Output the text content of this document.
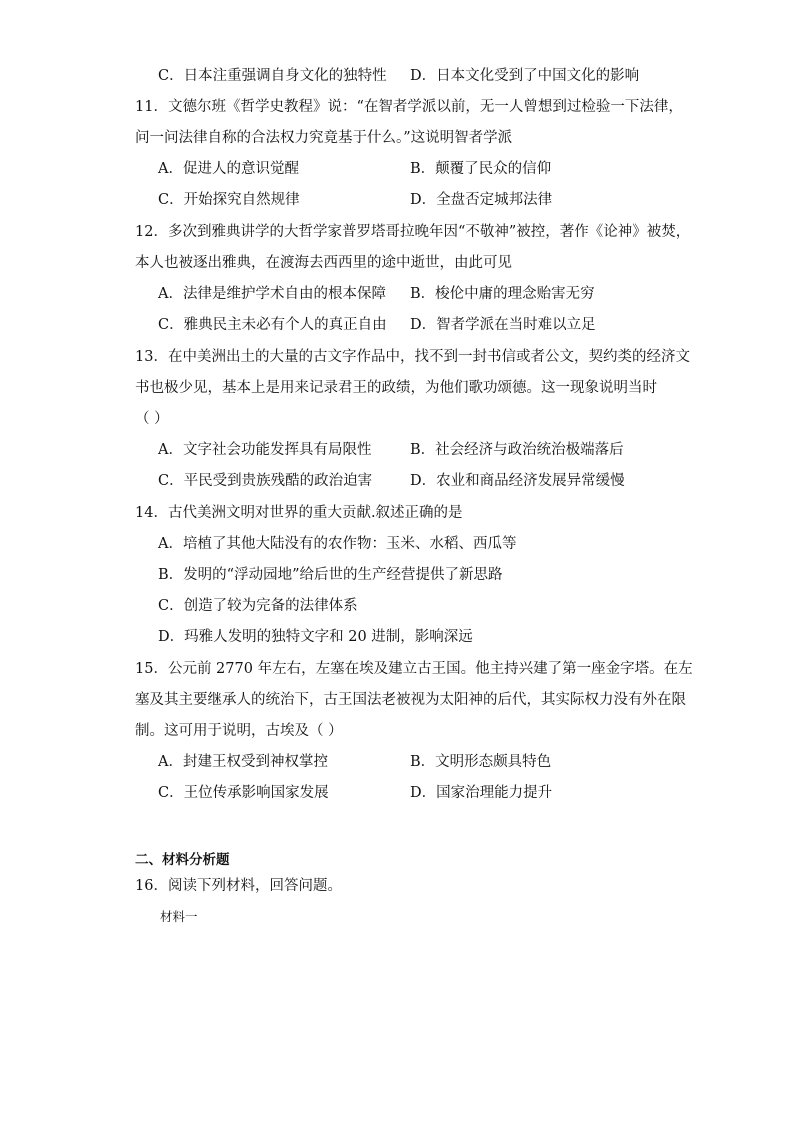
C．日本注重强调自身文化的独特性 D．日本文化受到了中国文化的影响
11．文德尔班《哲学史教程》说：“在智者学派以前，无一人曾想到过检验一下法律，
问一问法律自称的合法权力究竟基于什么。”这说明智者学派
A．促进人的意识觉醒	B．颠覆了民众的信仰
C．开始探究自然规律	D．全盘否定城邦法律
12．多次到雅典讲学的大哲学家普罗塔哥拉晚年因“不敬神”被控，著作《论神》被焚，
本人也被逐出雅典，在渡海去西西里的途中逝世，由此可见
A．法律是维护学术自由的根本保障 B．梭伦中庸的理念贻害无穷
C．雅典民主未必有个人的真正自由 D．智者学派在当时难以立足
13．在中美洲出土的大量的古文字作品中，找不到一封书信或者公文，契约类的经济文
书也极少见，基本上是用来记录君王的政绩，为他们歌功颂德。这一现象说明当时
（ ）
A．文字社会功能发挥具有局限性	B．社会经济与政治统治极端落后
C．平民受到贵族残酷的政治迫害	D．农业和商品经济发展异常缓慢
14．古代美洲文明对世界的重大贡献.叙述正确的是
A．培植了其他大陆没有的农作物：玉米、水稻、西瓜等
B．发明的“浮动园地”给后世的生产经营提供了新思路
C．创造了较为完备的法律体系
D．玛雅人发明的独特文字和 20 进制，影响深远
15．公元前 2770 年左右，左塞在埃及建立古王国。他主持兴建了第一座金字塔。在左
塞及其主要继承人的统治下，古王国法老被视为太阳神的后代，其实际权力没有外在限
制。这可用于说明，古埃及（ ）
A．封建王权受到神权掌控	B．文明形态颇具特色
C．王位传承影响国家发展	D．国家治理能力提升
二、材料分析题
16．阅读下列材料，回答问题。
材料一
